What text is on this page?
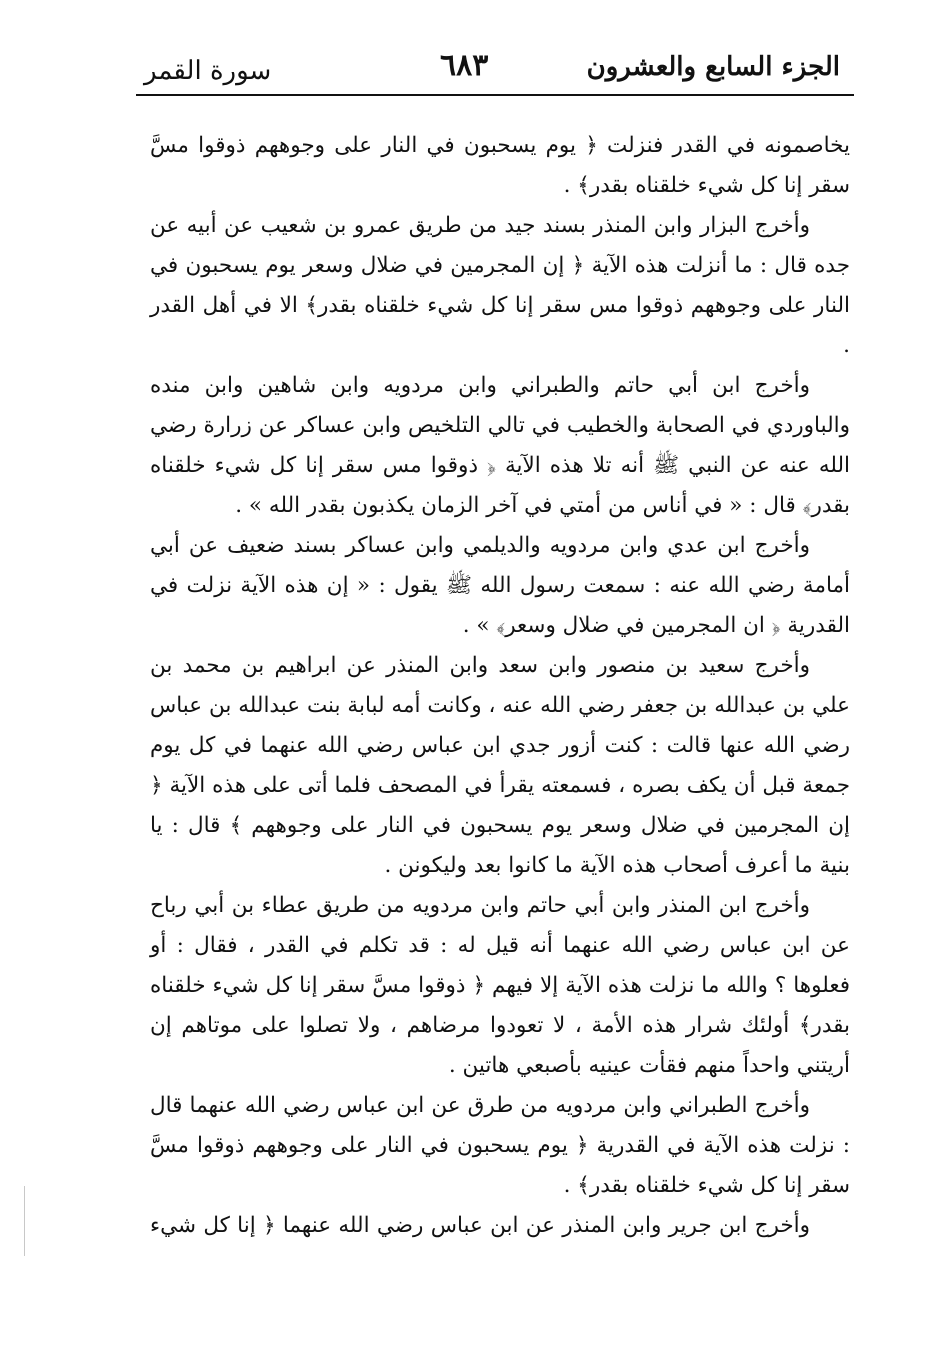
الجزء السابع والعشرون
٦٨٣
سورة القمر

يخاصمونه في القدر فنزلت ﴿ يوم يسحبون في النار على وجوههم ذوقوا مسَّ سقر إنا كل شيء خلقناه بقدر﴾ .

وأخرج البزار وابن المنذر بسند جيد من طريق عمرو بن شعيب عن أبيه عن جده قال : ما أنزلت هذه الآية ﴿ إن المجرمين في ضلال وسعر يوم يسحبون في النار على وجوههم ذوقوا مس سقر إنا كل شيء خلقناه بقدر﴾ الا في أهل القدر .

وأخرج ابن أبي حاتم والطبراني وابن مردويه وابن شاهين وابن منده والباوردي في الصحابة والخطيب في تالي التلخيص وابن عساكر عن زرارة رضي الله عنه عن النبي ﷺ أنه تلا هذه الآية ﴿ ذوقوا مس سقر إنا كل شيء خلقناه بقدر﴾ قال : « في أناس من أمتي في آخر الزمان يكذبون بقدر الله » .

وأخرج ابن عدي وابن مردويه والديلمي وابن عساكر بسند ضعيف عن أبي أمامة رضي الله عنه : سمعت رسول الله ﷺ يقول : « إن هذه الآية نزلت في القدرية ﴿ ان المجرمين في ضلال وسعر﴾ » .

وأخرج سعيد بن منصور وابن سعد وابن المنذر عن ابراهيم بن محمد بن علي بن عبدالله بن جعفر رضي الله عنه ، وكانت أمه لبابة بنت عبدالله بن عباس رضي الله عنها قالت : كنت أزور جدي ابن عباس رضي الله عنهما في كل يوم جمعة قبل أن يكف بصره ، فسمعته يقرأ في المصحف فلما أتى على هذه الآية ﴿ إن المجرمين في ضلال وسعر يوم يسحبون في النار على وجوههم ﴾ قال : يا بنية ما أعرف أصحاب هذه الآية ما كانوا بعد وليكونن .

وأخرج ابن المنذر وابن أبي حاتم وابن مردويه من طريق عطاء بن أبي رباح عن ابن عباس رضي الله عنهما أنه قيل له : قد تكلم في القدر ، فقال : أو فعلوها ؟ والله ما نزلت هذه الآية إلا فيهم ﴿ ذوقوا مسَّ سقر إنا كل شيء خلقناه بقدر﴾ أولئك شرار هذه الأمة ، لا تعودوا مرضاهم ، ولا تصلوا على موتاهم إن أريتني واحداً منهم فقأت عينيه بأصبعي هاتين .

وأخرج الطبراني وابن مردويه من طرق عن ابن عباس رضي الله عنهما قال : نزلت هذه الآية في القدرية ﴿ يوم يسحبون في النار على وجوههم ذوقوا مسَّ سقر إنا كل شيء خلقناه بقدر﴾ .

وأخرج ابن جرير وابن المنذر عن ابن عباس رضي الله عنهما ﴿ إنا كل شيء
